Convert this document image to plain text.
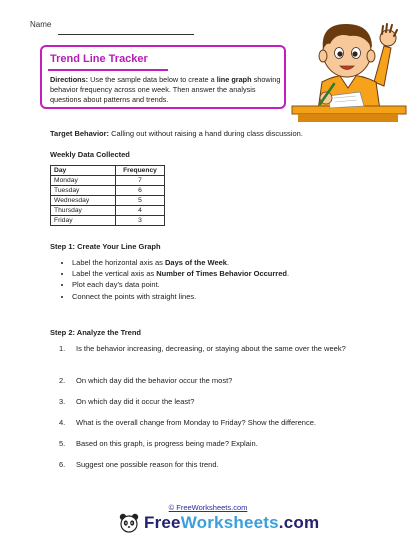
Name
Trend Line Tracker
Directions: Use the sample data below to create a line graph showing behavior frequency across one week. Then answer the analysis questions about patterns and trends.
Target Behavior: Calling out without raising a hand during class discussion.
Weekly Data Collected
Day	Frequency
Monday	7
Tuesday	6
Wednesday	5
Thursday	4
Friday	3
Step 1: Create Your Line Graph
• Label the horizontal axis as Days of the Week.
• Label the vertical axis as Number of Times Behavior Occurred.
• Plot each day's data point.
• Connect the points with straight lines.
Step 2: Analyze the Trend
1. Is the behavior increasing, decreasing, or staying about the same over the week?
2. On which day did the behavior occur the most?
3. On which day did it occur the least?
4. What is the overall change from Monday to Friday? Show the difference.
5. Based on this graph, is progress being made? Explain.
6. Suggest one possible reason for this trend.
© FreeWorksheets.com
FreeWorksheets.com
